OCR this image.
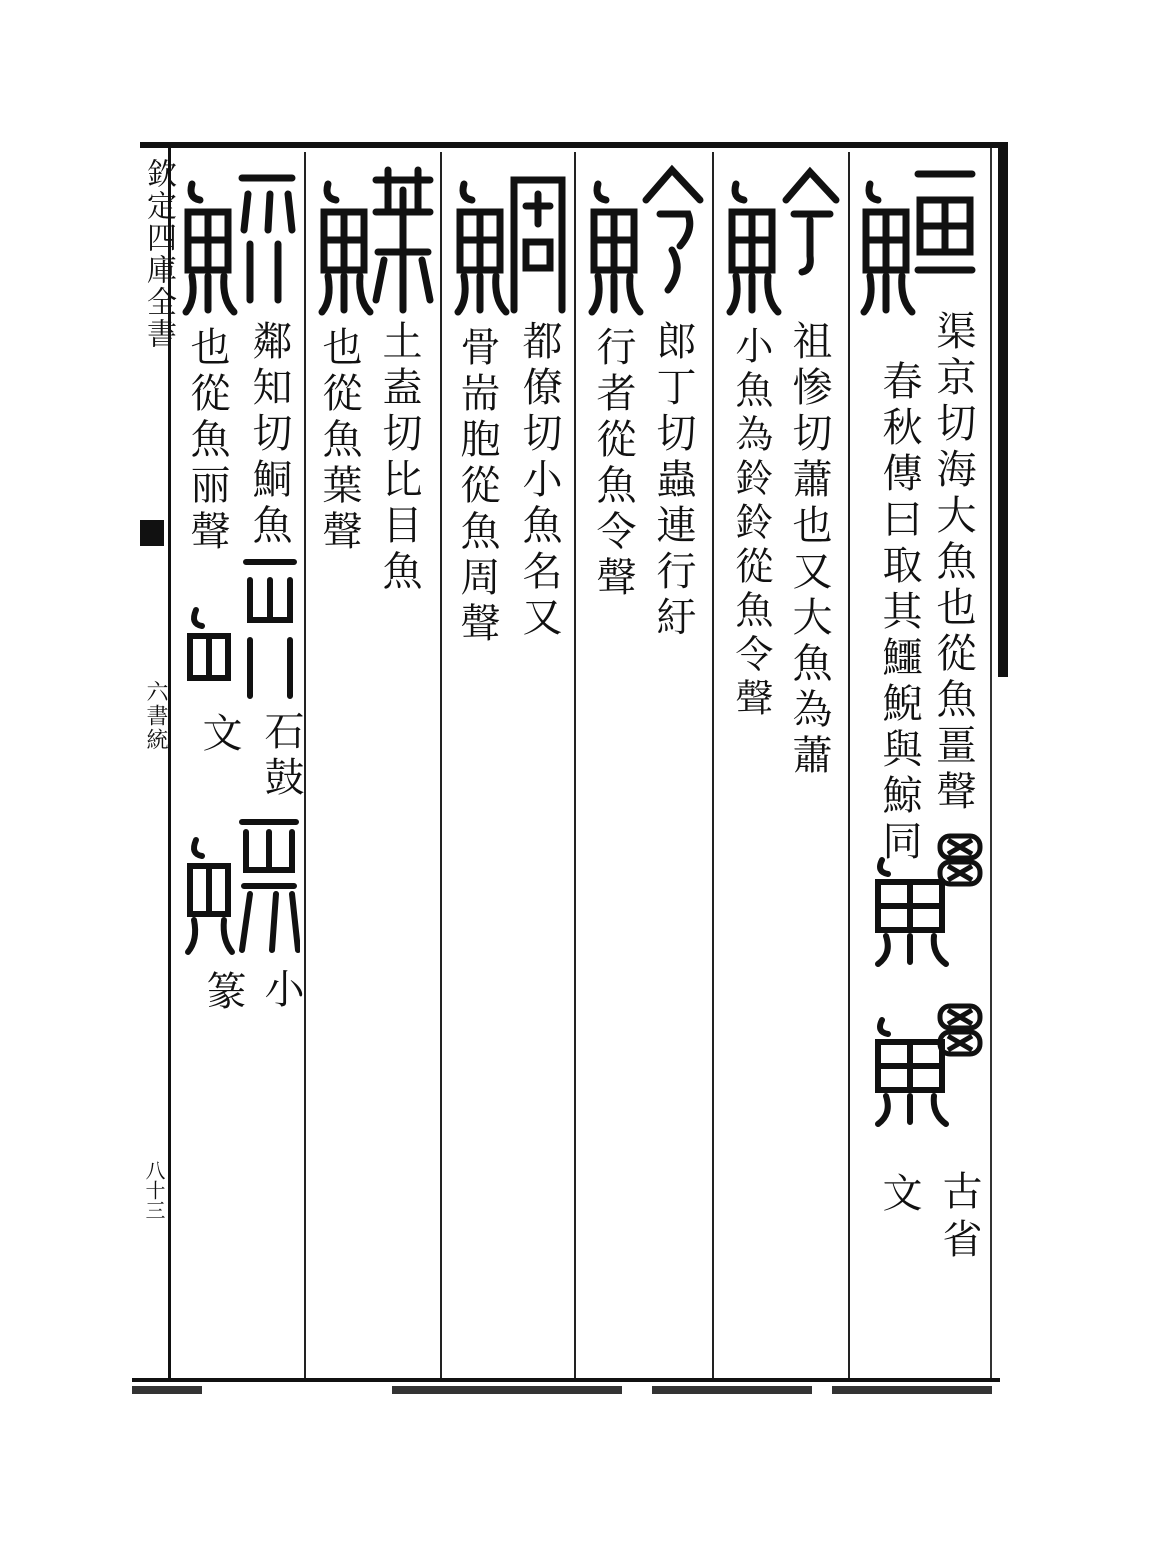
欽定四庫全書
六書統
八十三
渠京切海大魚也從魚畺聲
春秋傳曰取其鱷鯢與鯨同
古
省
文
祖惨切蕭也又大魚為蕭
小魚為鈴鈴從魚令聲
郎丁切蟲連行紆
行者從魚令聲
都僚切小魚名又
骨耑胞從魚周聲
土盍切比目魚
也從魚葉聲
鄰知切鮦魚
也從魚丽聲
石鼓
文
小
篆
